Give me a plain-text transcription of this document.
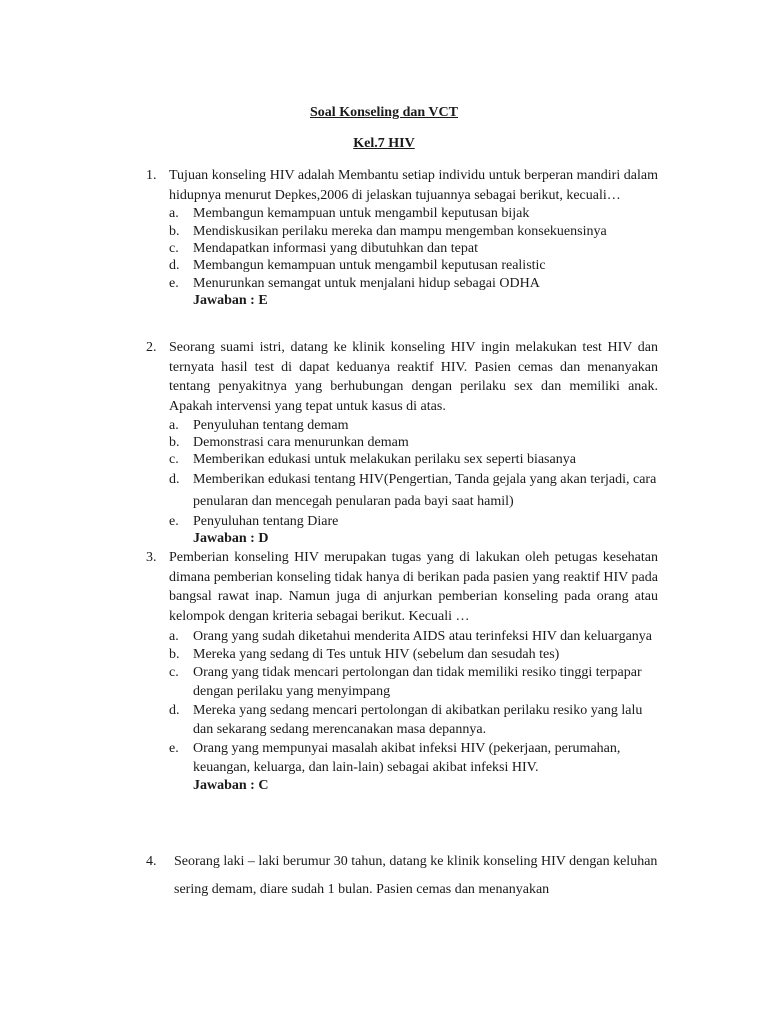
Soal Konseling dan VCT
Kel.7 HIV
1. Tujuan konseling HIV adalah Membantu setiap individu untuk berperan mandiri dalam hidupnya menurut Depkes,2006 di jelaskan tujuannya sebagai berikut, kecuali…

a. Membangun kemampuan untuk mengambil keputusan bijak
b. Mendiskusikan perilaku mereka dan mampu mengemban konsekuensinya
c. Mendapatkan informasi yang dibutuhkan dan tepat
d. Membangun kemampuan untuk mengambil keputusan realistic
e. Menurunkan semangat untuk menjalani hidup sebagai ODHA
Jawaban : E
2. Seorang suami istri, datang ke klinik konseling HIV ingin melakukan test HIV dan ternyata hasil test di dapat keduanya reaktif HIV. Pasien cemas dan menanyakan tentang penyakitnya yang berhubungan dengan perilaku sex dan memiliki anak. Apakah intervensi yang tepat untuk kasus di atas.

a. Penyuluhan tentang demam
b. Demonstrasi cara menurunkan demam
c. Memberikan edukasi untuk melakukan perilaku sex seperti biasanya
d. Memberikan edukasi tentang HIV(Pengertian, Tanda gejala yang akan terjadi, cara penularan dan mencegah penularan pada bayi saat hamil)
e. Penyuluhan tentang Diare
Jawaban : D
3. Pemberian konseling HIV merupakan tugas yang di lakukan oleh petugas kesehatan dimana pemberian konseling tidak hanya di berikan pada pasien yang reaktif HIV pada bangsal rawat inap. Namun juga di anjurkan pemberian konseling pada orang atau kelompok dengan kriteria sebagai berikut. Kecuali …

a. Orang yang sudah diketahui menderita AIDS atau terinfeksi HIV dan keluarganya
b. Mereka yang sedang di Tes untuk HIV (sebelum dan sesudah tes)
c. Orang yang tidak mencari pertolongan dan tidak memiliki resiko tinggi terpapar dengan perilaku yang menyimpang
d. Mereka yang sedang mencari pertolongan di akibatkan perilaku resiko yang lalu dan sekarang sedang merencanakan masa depannya.
e. Orang yang mempunyai masalah akibat infeksi HIV (pekerjaan, perumahan, keuangan, keluarga, dan lain-lain) sebagai akibat infeksi HIV.
Jawaban : C
4. Seorang laki – laki berumur 30 tahun, datang ke klinik konseling HIV dengan keluhan sering demam, diare sudah 1 bulan. Pasien cemas dan menanyakan
